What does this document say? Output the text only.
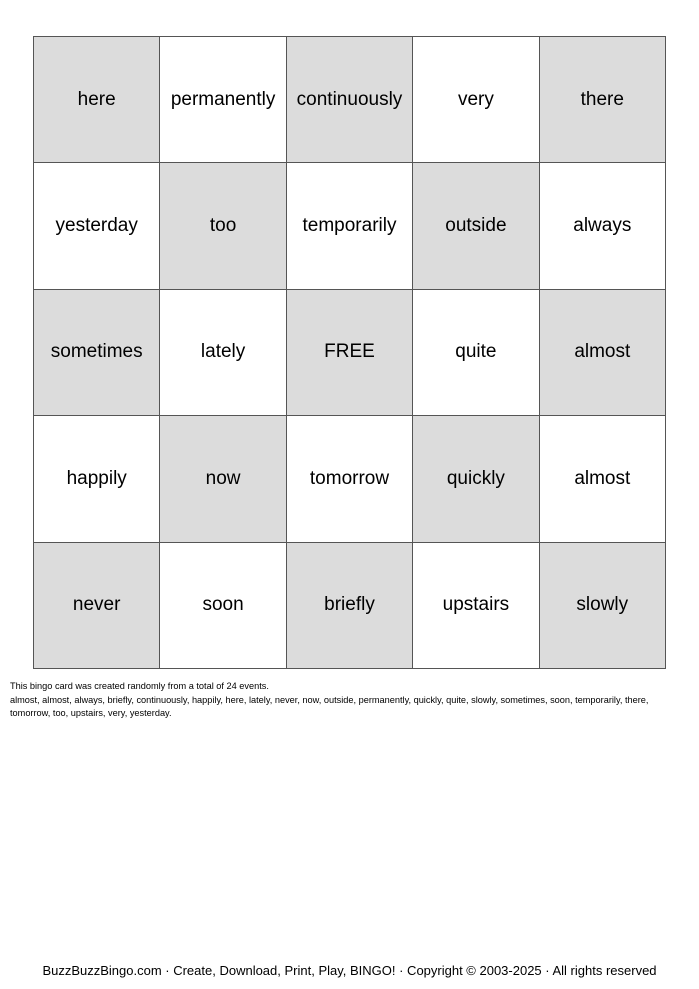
here	permanently	continuously	very	there
yesterday	too	temporarily	outside	always
sometimes	lately	FREE	quite	almost
happily	now	tomorrow	quickly	almost
never	soon	briefly	upstairs	slowly
This bingo card was created randomly from a total of 24 events.
almost, almost, always, briefly, continuously, happily, here, lately, never, now, outside, permanently, quickly, quite, slowly, sometimes, soon, temporarily, there, tomorrow, too, upstairs, very, yesterday.
BuzzBuzzBingo.com · Create, Download, Print, Play, BINGO! · Copyright © 2003-2025 · All rights reserved
